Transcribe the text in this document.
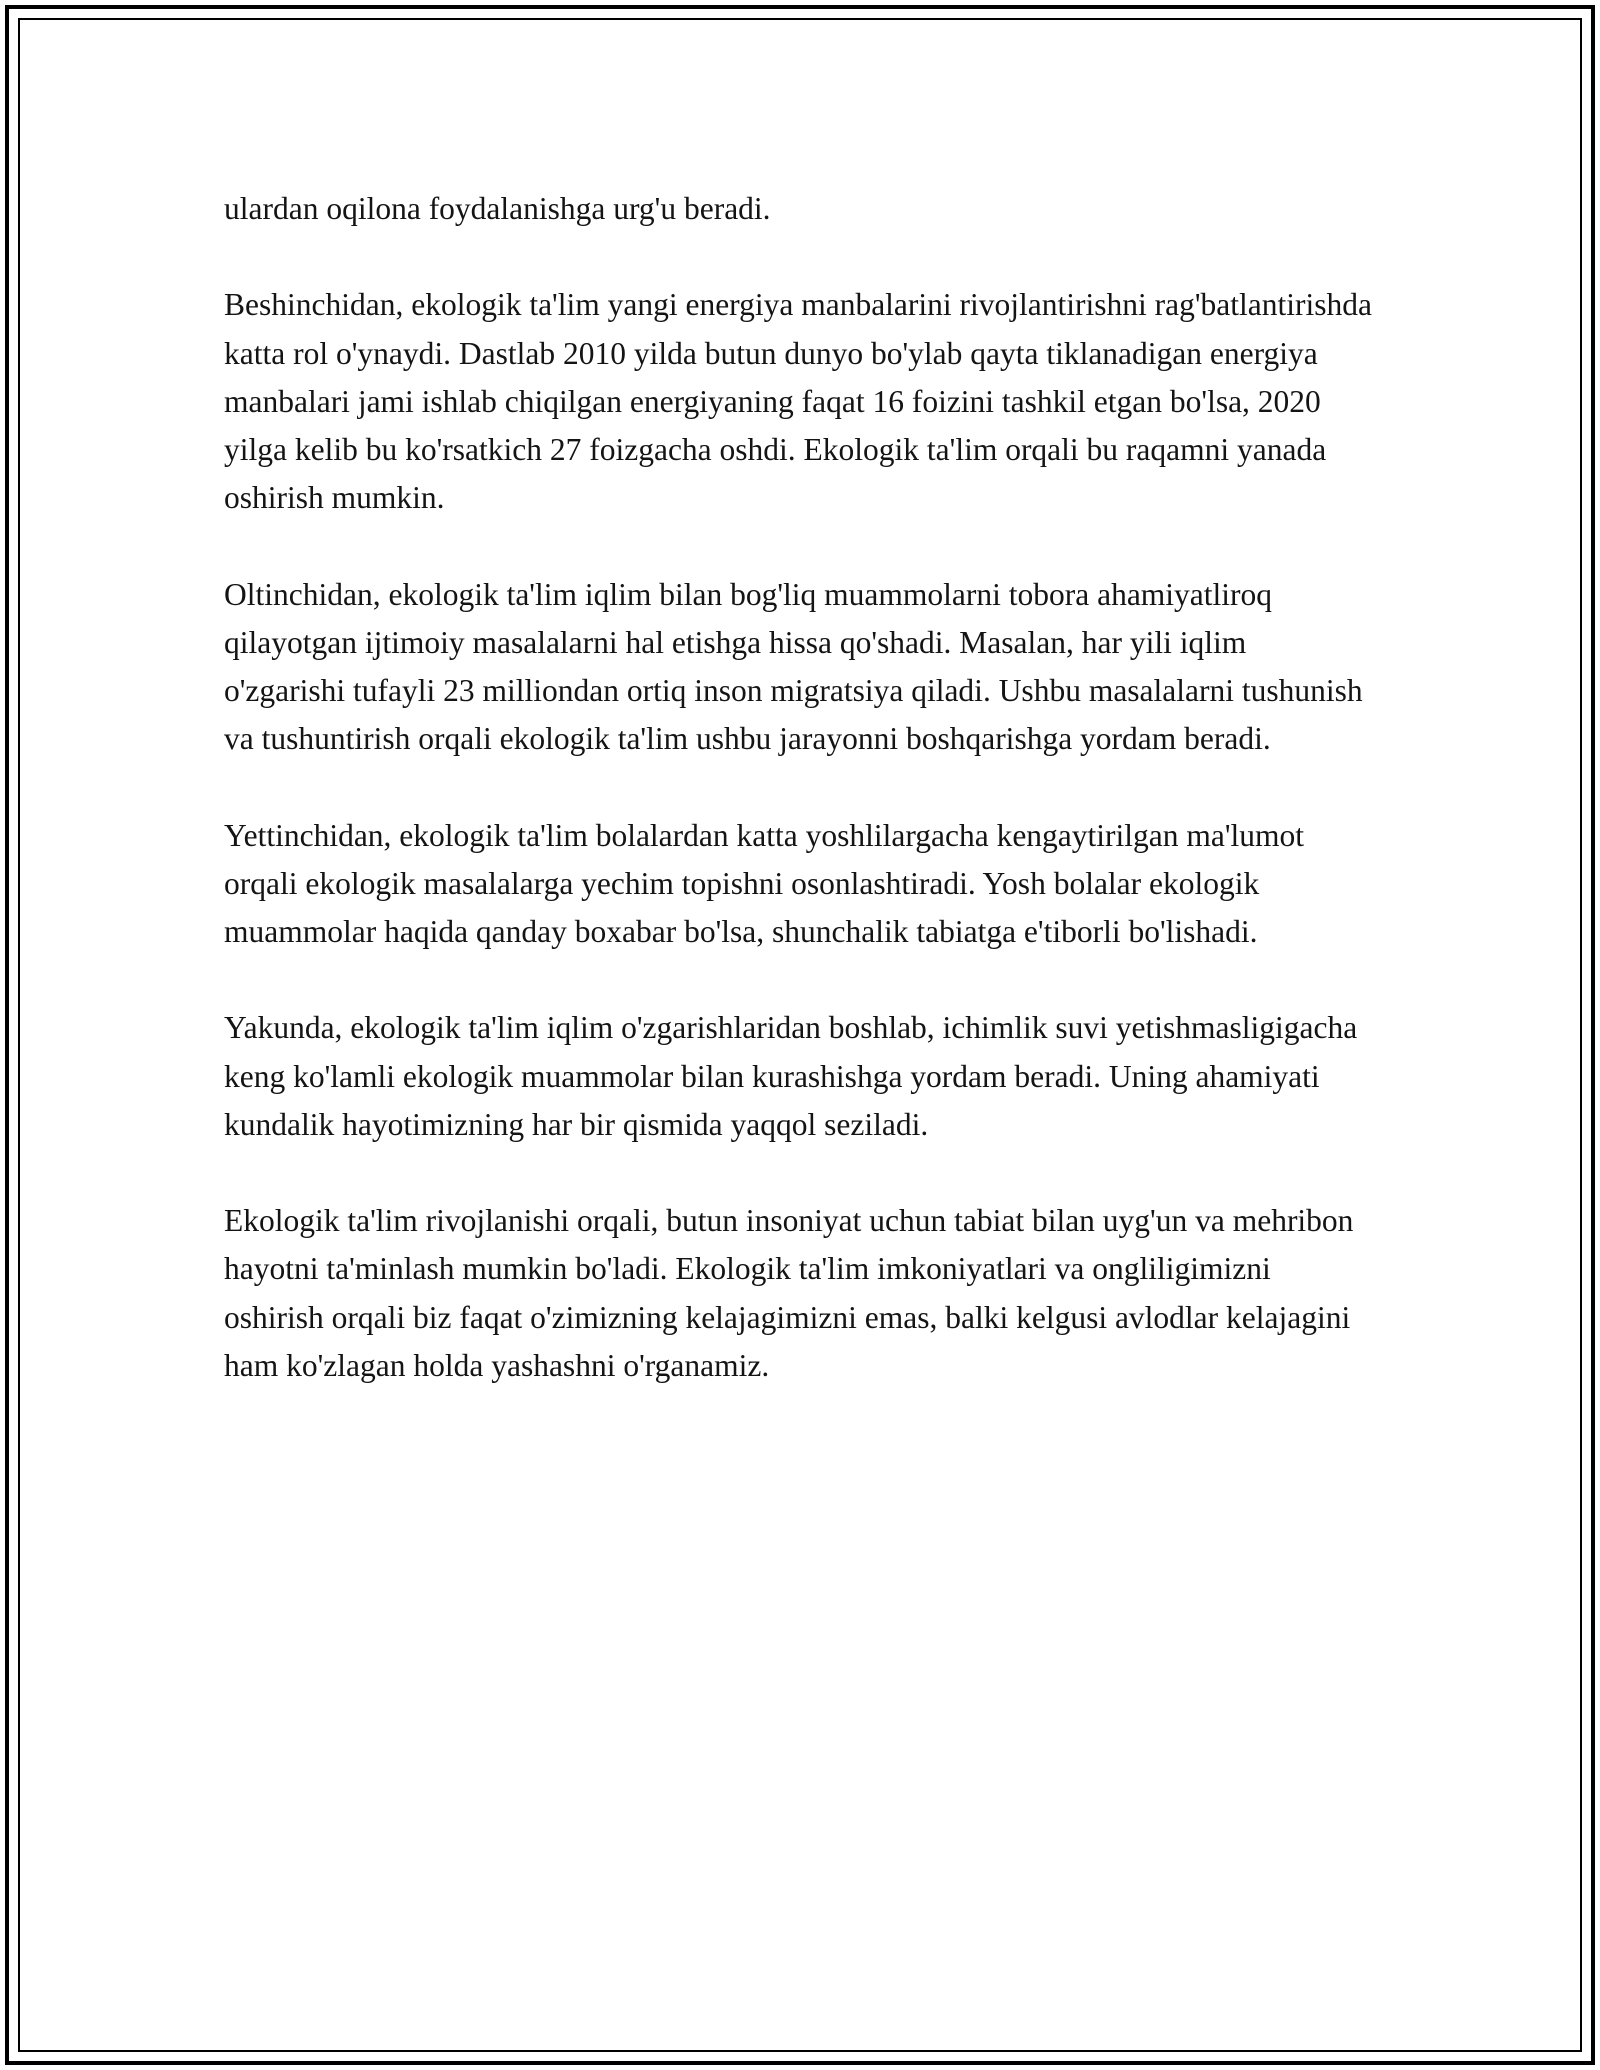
ulardan oqilona foydalanishga urg'u beradi.

Beshinchidan, ekologik ta'lim yangi energiya manbalarini rivojlantirishni rag'batlantirishda katta rol o'ynaydi. Dastlab 2010 yilda butun dunyo bo'ylab qayta tiklanadigan energiya manbalari jami ishlab chiqilgan energiyaning faqat 16 foizini tashkil etgan bo'lsa, 2020 yilga kelib bu ko'rsatkich 27 foizgacha oshdi. Ekologik ta'lim orqali bu raqamni yanada oshirish mumkin.

Oltinchidan, ekologik ta'lim iqlim bilan bog'liq muammolarni tobora ahamiyatliroq qilayotgan ijtimoiy masalalarni hal etishga hissa qo'shadi. Masalan, har yili iqlim o'zgarishi tufayli 23 milliondan ortiq inson migratsiya qiladi. Ushbu masalalarni tushunish va tushuntirish orqali ekologik ta'lim ushbu jarayonni boshqarishga yordam beradi.

Yettinchidan, ekologik ta'lim bolalardan katta yoshlilargacha kengaytirilgan ma'lumot orqali ekologik masalalarga yechim topishni osonlashtiradi. Yosh bolalar ekologik muammolar haqida qanday boxabar bo'lsa, shunchalik tabiatga e'tiborli bo'lishadi.

Yakunda, ekologik ta'lim iqlim o'zgarishlaridan boshlab, ichimlik suvi yetishmasligigacha keng ko'lamli ekologik muammolar bilan kurashishga yordam beradi. Uning ahamiyati kundalik hayotimizning har bir qismida yaqqol seziladi.

Ekologik ta'lim rivojlanishi orqali, butun insoniyat uchun tabiat bilan uyg'un va mehribon hayotni ta'minlash mumkin bo'ladi. Ekologik ta'lim imkoniyatlari va ongliligimizni oshirish orqali biz faqat o'zimizning kelajagimizni emas, balki kelgusi avlodlar kelajagini ham ko'zlagan holda yashashni o'rganamiz.
